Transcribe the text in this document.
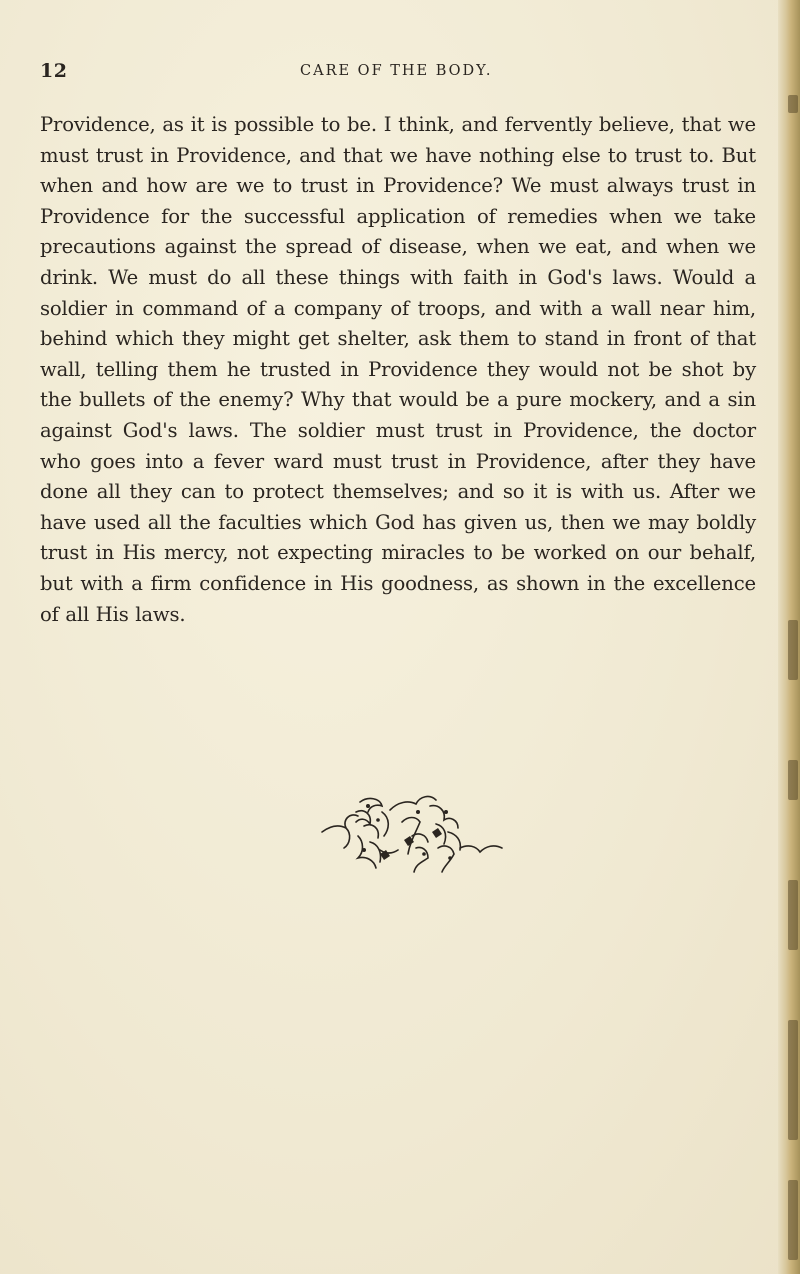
12	CARE OF THE BODY.

Providence, as it is possible to be. I think, and fervently believe, that we must trust in Providence, and that we have nothing else to trust to. But when and how are we to trust in Providence? We must always trust in Providence for the successful application of remedies when we take precautions against the spread of disease, when we eat, and when we drink. We must do all these things with faith in God's laws. Would a soldier in command of a company of troops, and with a wall near him, behind which they might get shelter, ask them to stand in front of that wall, telling them he trusted in Providence they would not be shot by the bullets of the enemy? Why that would be a pure mockery, and a sin against God's laws. The soldier must trust in Providence, the doctor who goes into a fever ward must trust in Providence, after they have done all they can to protect themselves; and so it is with us. After we have used all the faculties which God has given us, then we may boldly trust in His mercy, not expecting miracles to be worked on our behalf, but with a firm confidence in His goodness, as shown in the excellence of all His laws.
